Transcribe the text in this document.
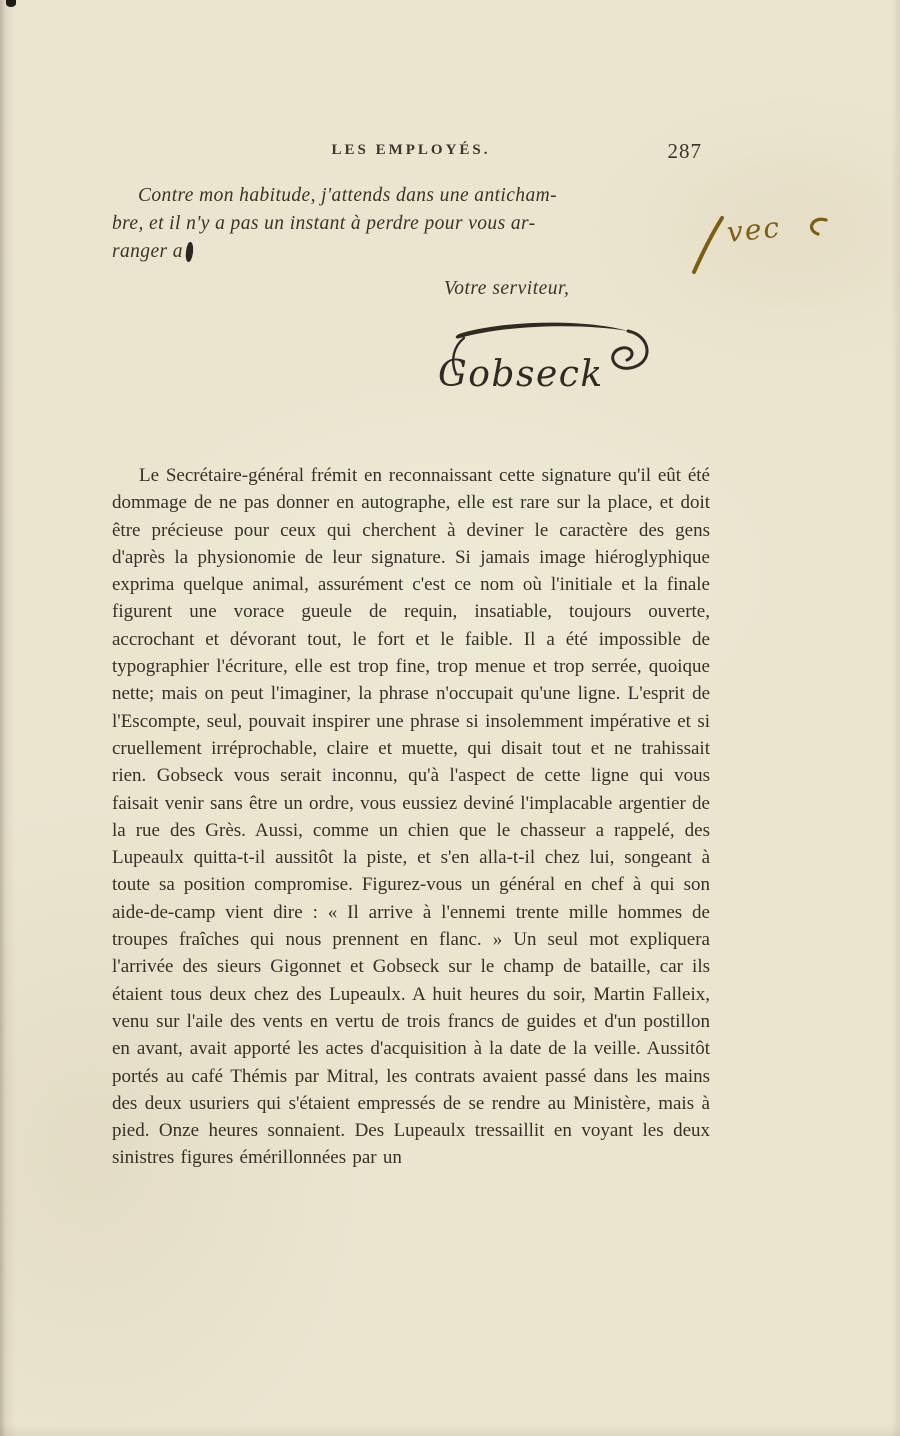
LES EMPLOYÉS.	287
Contre mon habitude, j'attends dans une anticham-
bre, et il n'y a pas un instant à perdre pour vous ar-
ranger a
Votre serviteur,
Gobseck

Le Secrétaire-général frémit en reconnaissant cette signature qu'il eût été dommage de ne pas donner en autographe, elle est rare sur la place, et doit être précieuse pour ceux qui cherchent à deviner le caractère des gens d'après la physionomie de leur signature. Si jamais image hiéroglyphique exprima quelque animal, assurément c'est ce nom où l'initiale et la finale figurent une vorace gueule de requin, insatiable, toujours ouverte, accrochant et dévorant tout, le fort et le faible. Il a été impossible de typographier l'écriture, elle est trop fine, trop menue et trop serrée, quoique nette; mais on peut l'imaginer, la phrase n'occupait qu'une ligne. L'esprit de l'Escompte, seul, pouvait inspirer une phrase si insolemment impérative et si cruellement irréprochable, claire et muette, qui disait tout et ne trahissait rien. Gobseck vous serait inconnu, qu'à l'aspect de cette ligne qui vous faisait venir sans être un ordre, vous eussiez deviné l'implacable argentier de la rue des Grès. Aussi, comme un chien que le chasseur a rappelé, des Lupeaulx quitta-t-il aussitôt la piste, et s'en alla-t-il chez lui, songeant à toute sa position compromise. Figurez-vous un général en chef à qui son aide-de-camp vient dire : « Il arrive à l'ennemi trente mille hommes de troupes fraîches qui nous prennent en flanc. » Un seul mot expliquera l'arrivée des sieurs Gigonnet et Gobseck sur le champ de bataille, car ils étaient tous deux chez des Lupeaulx. A huit heures du soir, Martin Falleix, venu sur l'aile des vents en vertu de trois francs de guides et d'un postillon en avant, avait apporté les actes d'acquisition à la date de la veille. Aussitôt portés au café Thémis par Mitral, les contrats avaient passé dans les mains des deux usuriers qui s'étaient empressés de se rendre au Ministère, mais à pied. Onze heures sonnaient. Des Lupeaulx tressaillit en voyant les deux sinistres figures émérillonnées par un

vec
